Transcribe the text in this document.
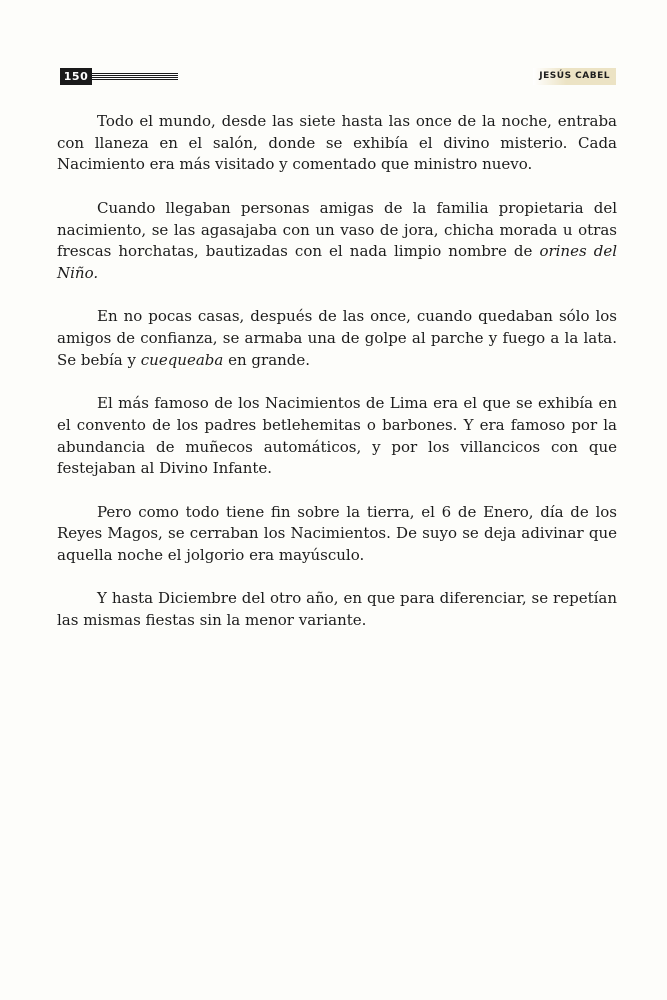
150	JESÚS CABEL

Todo el mundo, desde las siete hasta las once de la noche, entraba con llaneza en el salón, donde se exhibía el divino misterio. Cada Nacimiento era más visitado y comentado que ministro nuevo.

Cuando llegaban personas amigas de la familia propietaria del nacimiento, se las agasajaba con un vaso de jora, chicha morada u otras frescas horchatas, bautizadas con el nada limpio nombre de orines del Niño.

En no pocas casas, después de las once, cuando quedaban sólo los amigos de confianza, se armaba una de golpe al parche y fuego a la lata. Se bebía y cuequeaba en grande.

El más famoso de los Nacimientos de Lima era el que se exhibía en el convento de los padres betlehemitas o barbones. Y era famoso por la abundancia de muñecos automáticos, y por los villancicos con que festejaban al Divino Infante.

Pero como todo tiene fin sobre la tierra, el 6 de Enero, día de los Reyes Magos, se cerraban los Nacimientos. De suyo se deja adivinar que aquella noche el jolgorio era mayúsculo.

Y hasta Diciembre del otro año, en que para diferenciar, se repetían las mismas fiestas sin la menor variante.
